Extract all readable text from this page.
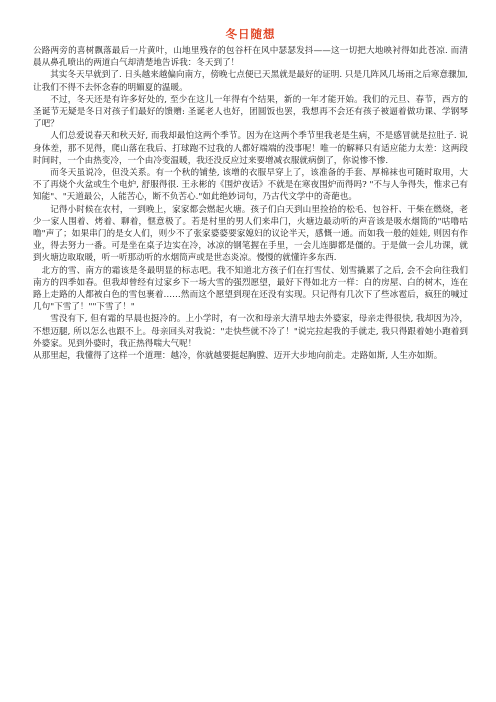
冬日随想

公路两旁的喜树飘落最后一片黄叶，山地里残存的包谷杆在风中瑟瑟发抖——这一切把大地映衬得如此苍凉. 而清晨从鼻孔喷出的两道白气却清楚地告诉我：冬天到了！

其实冬天早就到了. 日头越来越偏向南方，傍晚七点便已天黑就是最好的证明. 只是几阵风几场雨之后寒意骤加, 让我们不得不去怀念春的明媚夏的温暖。

不过，冬天还是有许多好处的, 至少在这儿一年得有个结果，新的一年才能开始。我们的元旦、春节，西方的圣诞节无疑是冬日对孩子们最好的馈赠: 圣诞老人也好，团圆饭也罢，我想再不会还有孩子被逼着做功课、学钢琴了吧？

人们总爱说春天和秋天好, 而我却最怕这两个季节。因为在这两个季节里我老是生病，不是感冒就是拉肚子. 说身体差，那不见得，爬山落在我后、打球跑不过我的人都好端端的没事呢！唯一的解释只有适应能力太差：这两段时间时，一个由热变冷，一个由冷变温暖，我还没反应过来要增减衣服就病倒了，你说惨不惨.

而冬天虽说冷，但没关系。有一个秋的铺垫, 该增的衣服早穿上了，该准备的手套、厚棉袜也可随时取用，大不了再烧个火盆或生个电炉, 舒服得很. 王永彬的《围炉夜话》不就是在寒夜围炉而得吗? "不与人争得失，惟求己有知能"、"天道最公，人能苦心，断不负苦心."如此绝妙词句，乃古代文学中的奇葩也。

记得小时候在农村，一到晚上，家家都会燃起火塘。孩子们白天到山里捡拾的松毛、包谷杆、干柴在燃烧，老少一家人围着、烤着、聊着，惬意极了。若是村里的男人们来串门，火塘边最动听的声音该是吸水烟筒的"咕噜咕噜"声了；如果串门的是女人们，则少不了张家婆婆要家媳妇的议论半天，感慨一通。而如我一般的娃娃, 则因有作业，得去努力一番。可是坐在桌子边实在冷，冰凉的钢笔握在手里，一会儿连脚都是僵的。于是做一会儿功课，就到火塘边取取暖，听一听那动听的水烟筒声或是世态炎凉。慢慢的就懂许多东西.

北方的雪、南方的霜该是冬最明显的标志吧。我不知道北方孩子们在打雪仗、划雪撬累了之后, 会不会向往我们南方的四季如春。但我却曾经有过家乡下一场大雪的强烈愿望，最好下得如北方一样：白的房屋、白的树木，连在路上走路的人都被白色的雪包裹着……然而这个愿望到现在还没有实现。只记得有几次下了些冰雹后，疯狂的喊过几句"下雪了！""下雪了！"

雪没有下, 但有霜的早晨也挺冷的。上小学时，有一次和母亲大清早地去外婆家，母亲走得很快, 我却因为冷，不想迈腿, 所以怎么也跟不上。母亲回头对我说："走快些就不冷了！"说完拉起我的手就走, 我只得跟着她小跑着到外婆家。见到外婆时，我正热得喘大气呢！

从那里起，我懂得了这样一个道理：越冷，你就越要挺起胸膛、迈开大步地向前走。走路如斯, 人生亦如斯。
